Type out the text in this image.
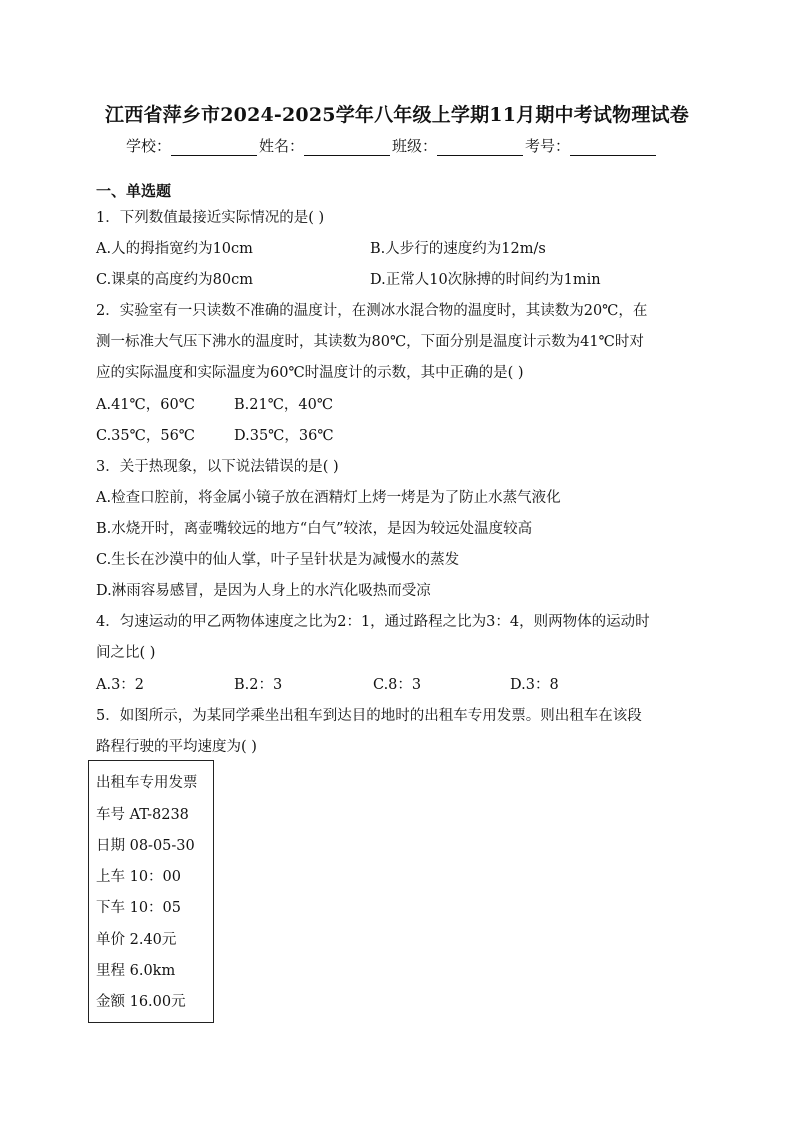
江西省萍乡市2024-2025学年八年级上学期11月期中考试物理试卷
学校：	姓名：	班级：	考号：
一、单选题
1．下列数值最接近实际情况的是( )
A.人的拇指宽约为10cm	B.人步行的速度约为12m/s
C.课桌的高度约为80cm	D.正常人10次脉搏的时间约为1min
2．实验室有一只读数不准确的温度计，在测冰水混合物的温度时，其读数为20℃，在
测一标准大气压下沸水的温度时，其读数为80℃，下面分别是温度计示数为41℃时对
应的实际温度和实际温度为60℃时温度计的示数，其中正确的是( )
A.41℃，60℃	B.21℃，40℃
C.35℃，56℃	D.35℃，36℃
3．关于热现象，以下说法错误的是( )
A.检查口腔前，将金属小镜子放在酒精灯上烤一烤是为了防止水蒸气液化
B.水烧开时，离壶嘴较远的地方“白气”较浓，是因为较远处温度较高
C.生长在沙漠中的仙人掌，叶子呈针状是为减慢水的蒸发
D.淋雨容易感冒，是因为人身上的水汽化吸热而受凉
4．匀速运动的甲乙两物体速度之比为2：1，通过路程之比为3：4，则两物体的运动时
间之比( )
A.3：2	B.2：3	C.8：3	D.3：8
5．如图所示，为某同学乘坐出租车到达目的地时的出租车专用发票。则出租车在该段
路程行驶的平均速度为( )
出租车专用发票
车号 AT-8238
日期 08-05-30
上车 10：00
下车 10：05
单价 2.40元
里程 6.0km
金额 16.00元
